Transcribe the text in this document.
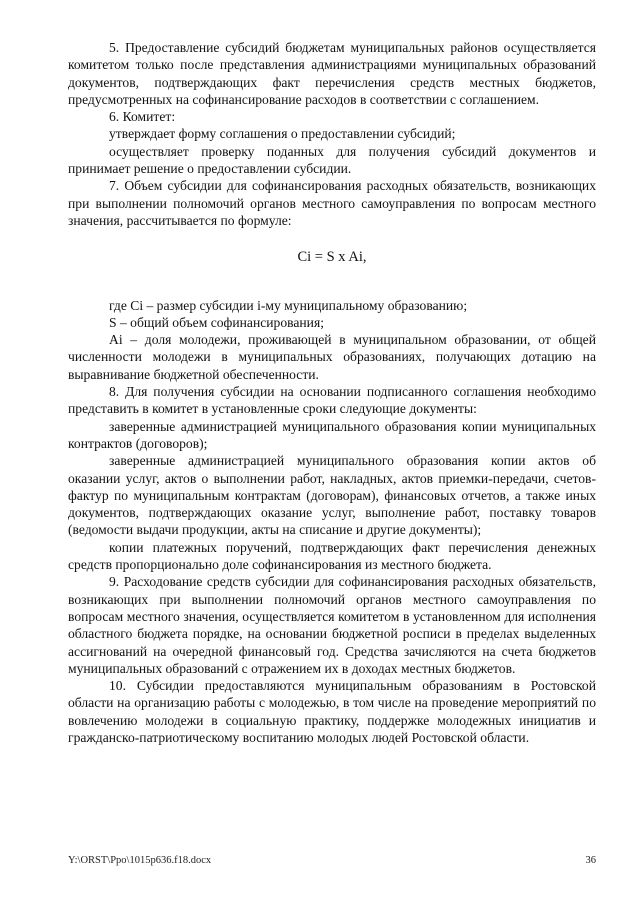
5. Предоставление субсидий бюджетам муниципальных районов осуществляется комитетом только после представления администрациями муниципальных образований документов, подтверждающих факт перечисления средств местных бюджетов, предусмотренных на софинансирование расходов в соответствии с соглашением.

6. Комитет:

утверждает форму соглашения о предоставлении субсидий;

осуществляет проверку поданных для получения субсидий документов и принимает решение о предоставлении субсидии.

7. Объем субсидии для софинансирования расходных обязательств, возникающих при выполнении полномочий органов местного самоуправления по вопросам местного значения, рассчитывается по формуле:

Ci = S x Ai,

где Ci – размер субсидии i-му муниципальному образованию;

S – общий объем софинансирования;

Ai – доля молодежи, проживающей в муниципальном образовании, от общей численности молодежи в муниципальных образованиях, получающих дотацию на выравнивание бюджетной обеспеченности.

8. Для получения субсидии на основании подписанного соглашения необходимо представить в комитет в установленные сроки следующие документы:

заверенные администрацией муниципального образования копии муниципальных контрактов (договоров);

заверенные администрацией муниципального образования копии актов об оказании услуг, актов о выполнении работ, накладных, актов приемки-передачи, счетов-фактур по муниципальным контрактам (договорам), финансовых отчетов, а также иных документов, подтверждающих оказание услуг, выполнение работ, поставку товаров (ведомости выдачи продукции, акты на списание и другие документы);

копии платежных поручений, подтверждающих факт перечисления денежных средств пропорционально доле софинансирования из местного бюджета.

9. Расходование средств субсидии для софинансирования расходных обязательств, возникающих при выполнении полномочий органов местного самоуправления по вопросам местного значения, осуществляется комитетом в установленном для исполнения областного бюджета порядке, на основании бюджетной росписи в пределах выделенных ассигнований на очередной финансовый год. Средства зачисляются на счета бюджетов муниципальных образований с отражением их в доходах местных бюджетов.

10. Субсидии предоставляются муниципальным образованиям в Ростовской области на организацию работы с молодежью, в том числе на проведение мероприятий по вовлечению молодежи в социальную практику, поддержке молодежных инициатив и гражданско-патриотическому воспитанию молодых людей Ростовской области.

Y:\ORST\Ppo\1015p636.f18.docx	36
